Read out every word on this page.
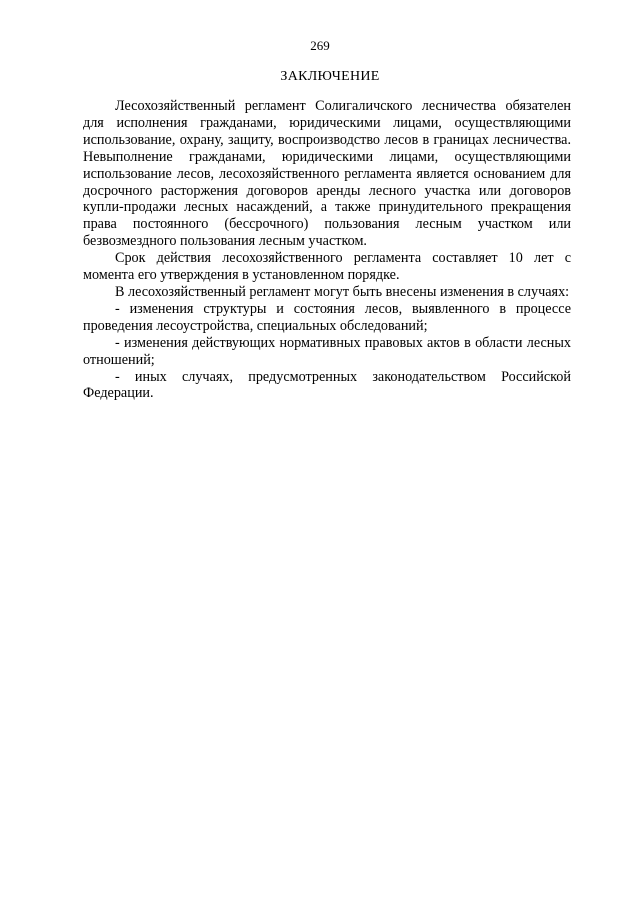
269
ЗАКЛЮЧЕНИЕ

Лесохозяйственный регламент Солигаличского лесничества обязателен для исполнения гражданами, юридическими лицами, осуществляющими использование, охрану, защиту, воспроизводство лесов в границах лесничества. Невыполнение гражданами, юридическими лицами, осуществляющими использование лесов, лесохозяйственного регламента является основанием для досрочного расторжения договоров аренды лесного участка или договоров купли-продажи лесных насаждений, а также принудительного прекращения права постоянного (бессрочного) пользования лесным участком или безвозмездного пользования лесным участком.

Срок действия лесохозяйственного регламента составляет 10 лет с момента его утверждения в установленном порядке.

В лесохозяйственный регламент могут быть внесены изменения в случаях:

- изменения структуры и состояния лесов, выявленного в процессе проведения лесоустройства, специальных обследований;

- изменения действующих нормативных правовых актов в области лесных отношений;

- иных случаях, предусмотренных законодательством Российской Федерации.
